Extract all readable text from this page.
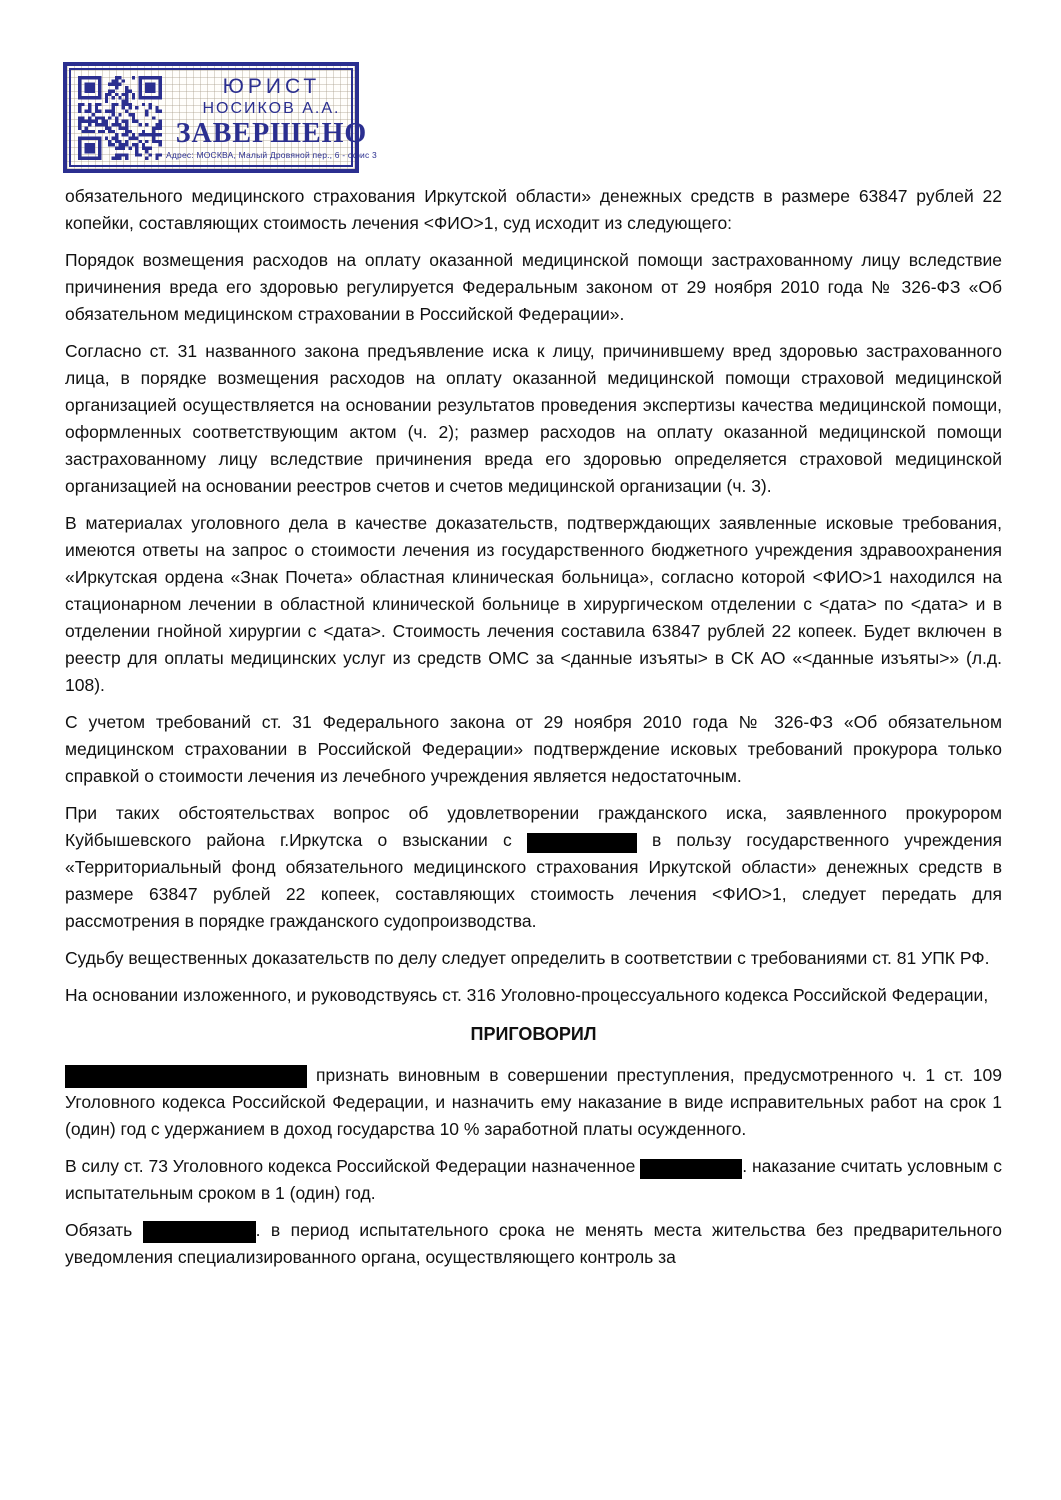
ЮРИСТ
НОСИКОВ А.А.
ЗАВЕРШЕНО
Адрес: МОСКВА, Малый Дровяной пер., 6 - офис 3

обязательного медицинского страхования Иркутской области» денежных средств в размере 63847 рублей 22 копейки, составляющих стоимость лечения <ФИО>1, суд исходит из следующего:

Порядок возмещения расходов на оплату оказанной медицинской помощи застрахованному лицу вследствие причинения вреда его здоровью регулируется Федеральным законом от 29 ноября 2010 года № 326-ФЗ «Об обязательном медицинском страховании в Российской Федерации».

Согласно ст. 31 названного закона предъявление иска к лицу, причинившему вред здоровью застрахованного лица, в порядке возмещения расходов на оплату оказанной медицинской помощи страховой медицинской организацией осуществляется на основании результатов проведения экспертизы качества медицинской помощи, оформленных соответствующим актом (ч. 2); размер расходов на оплату оказанной медицинской помощи застрахованному лицу вследствие причинения вреда его здоровью определяется страховой медицинской организацией на основании реестров счетов и счетов медицинской организации (ч. 3).

В материалах уголовного дела в качестве доказательств, подтверждающих заявленные исковые требования, имеются ответы на запрос о стоимости лечения из государственного бюджетного учреждения здравоохранения «Иркутская ордена «Знак Почета» областная клиническая больница», согласно которой <ФИО>1 находился на стационарном лечении в областной клинической больнице в хирургическом отделении с <дата> по <дата> и в отделении гнойной хирургии с <дата>. Стоимость лечения составила 63847 рублей 22 копеек. Будет включен в реестр для оплаты медицинских услуг из средств ОМС за <данные изъяты> в СК АО «<данные изъяты>» (л.д. 108).

С учетом требований ст. 31 Федерального закона от 29 ноября 2010 года № 326-ФЗ «Об обязательном медицинском страховании в Российской Федерации» подтверждение исковых требований прокурора только справкой о стоимости лечения из лечебного учреждения является недостаточным.

При таких обстоятельствах вопрос об удовлетворении гражданского иска, заявленного прокурором Куйбышевского района г.Иркутска о взыскании с	в пользу государственного учреждения «Территориальный фонд обязательного медицинского страхования Иркутской области» денежных средств в размере 63847 рублей 22 копеек, составляющих стоимость лечения <ФИО>1, следует передать для рассмотрения в порядке гражданского судопроизводства.

Судьбу вещественных доказательств по делу следует определить в соответствии с требованиями ст. 81 УПК РФ.

На основании изложенного, и руководствуясь ст. 316 Уголовно-процессуального кодекса Российской Федерации,

ПРИГОВОРИЛ

признать виновным в совершении преступления, предусмотренного ч. 1 ст. 109 Уголовного кодекса Российской Федерации, и назначить ему наказание в виде исправительных работ на срок 1 (один) год с удержанием в доход государства 10 % заработной платы осужденного.

В силу ст. 73 Уголовного кодекса Российской Федерации назначенное	. наказание считать условным с испытательным сроком в 1 (один) год.

Обязать	. в период испытательного срока не менять места жительства без предварительного уведомления специализированного органа, осуществляющего контроль за
